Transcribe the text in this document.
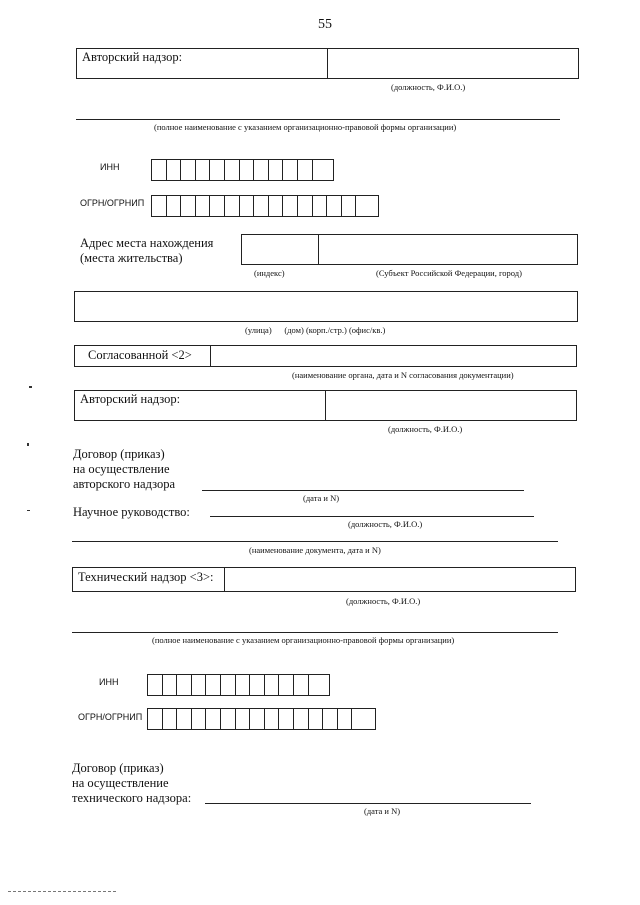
55
Авторский надзор:
(должность, Ф.И.О.)
(полное наименование с указанием организационно-правовой формы организации)
ИНН
ОГРН/ОГРНИП
Адрес места нахождения
(места жительства)
(индекс)	(Субъект Российской Федерации, город)
(улица)      (дом) (корп./стр.) (офис/кв.)
Согласованной <2>
(наименование органа, дата и N согласования документации)
Авторский надзор:
(должность, Ф.И.О.)
Договор (приказ)
на осуществление
авторского надзора
(дата и N)
Научное руководство:
(должность, Ф.И.О.)
(наименование документа, дата и N)
Технический надзор <3>:
(должность, Ф.И.О.)
(полное наименование с указанием организационно-правовой формы организации)
ИНН
ОГРН/ОГРНИП
Договор (приказ)
на осуществление
технического надзора:
(дата и N)
